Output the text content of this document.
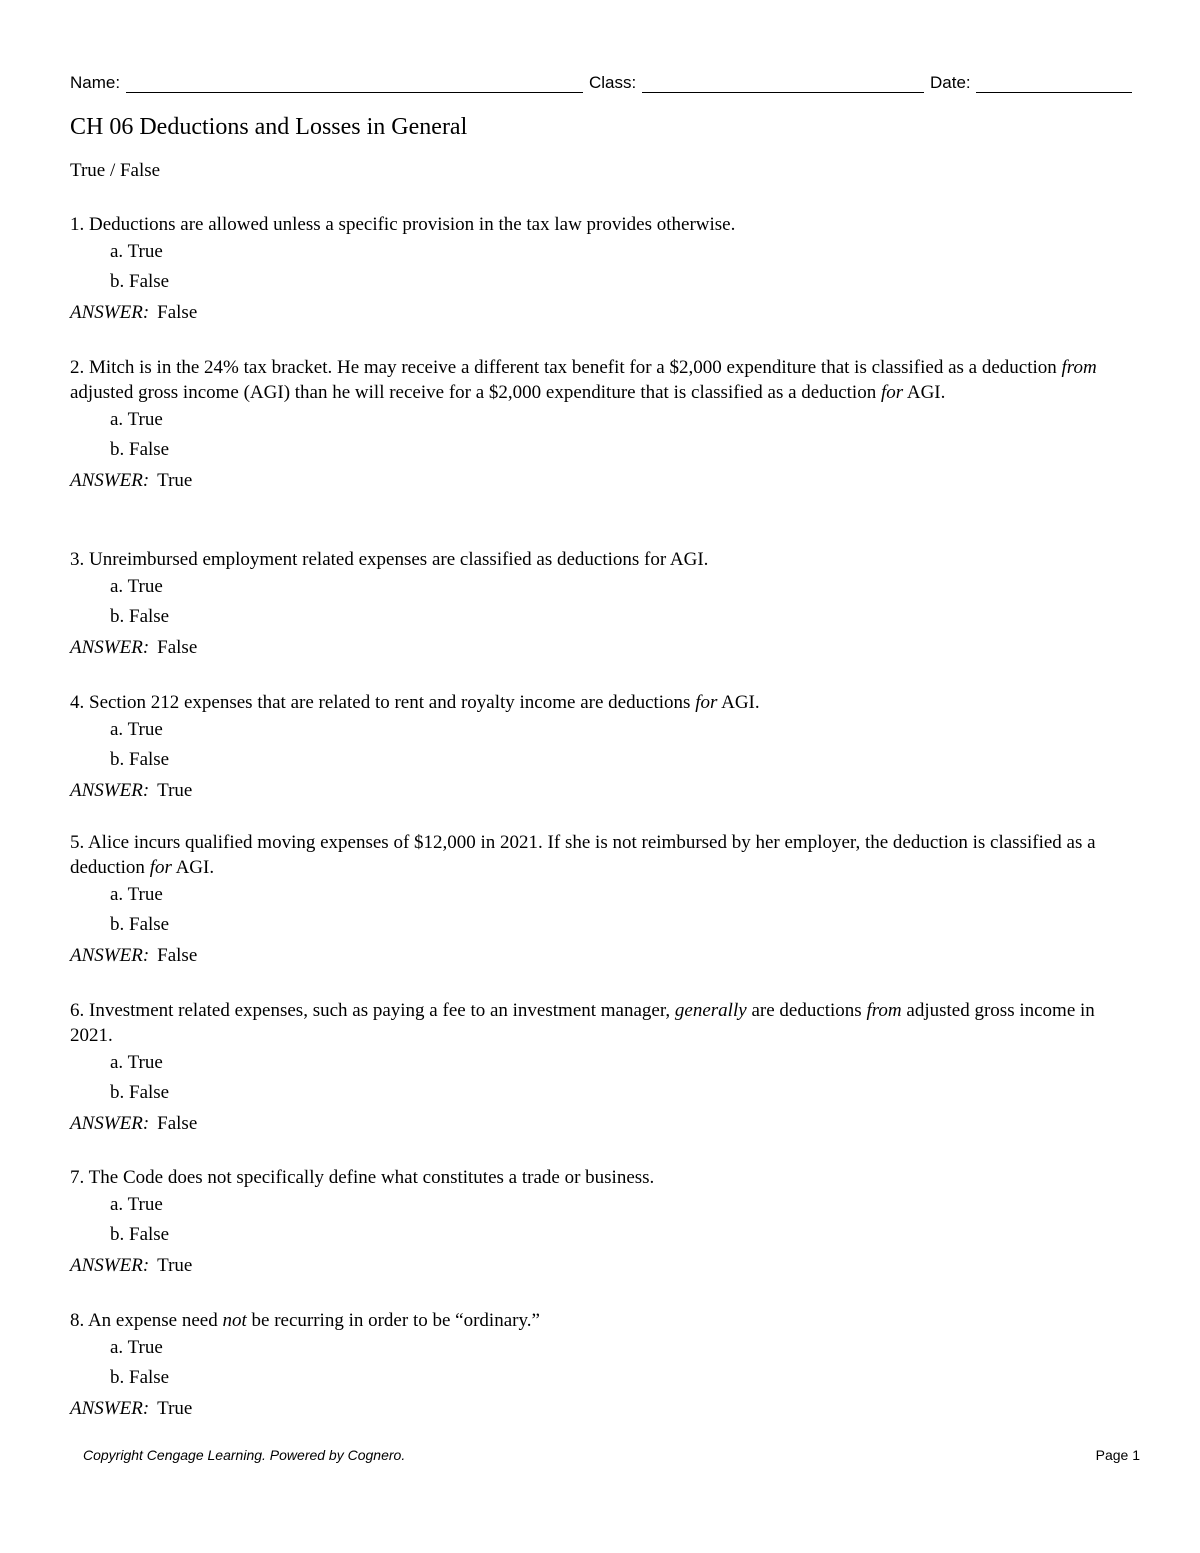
Name:	Class:	Date:
CH 06 Deductions and Losses in General
True / False
1. Deductions are allowed unless a specific provision in the tax law provides otherwise.
a. True
b. False
ANSWER: False
2. Mitch is in the 24% tax bracket. He may receive a different tax benefit for a $2,000 expenditure that is classified as a deduction from adjusted gross income (AGI) than he will receive for a $2,000 expenditure that is classified as a deduction for AGI.
a. True
b. False
ANSWER: True
3. Unreimbursed employment related expenses are classified as deductions for AGI.
a. True
b. False
ANSWER: False
4. Section 212 expenses that are related to rent and royalty income are deductions for AGI.
a. True
b. False
ANSWER: True
5. Alice incurs qualified moving expenses of $12,000 in 2021. If she is not reimbursed by her employer, the deduction is classified as a deduction for AGI.
a. True
b. False
ANSWER: False
6. Investment related expenses, such as paying a fee to an investment manager, generally are deductions from adjusted gross income in 2021.
a. True
b. False
ANSWER: False
7. The Code does not specifically define what constitutes a trade or business.
a. True
b. False
ANSWER: True
8. An expense need not be recurring in order to be “ordinary.”
a. True
b. False
ANSWER: True
Copyright Cengage Learning. Powered by Cognero.	Page 1
